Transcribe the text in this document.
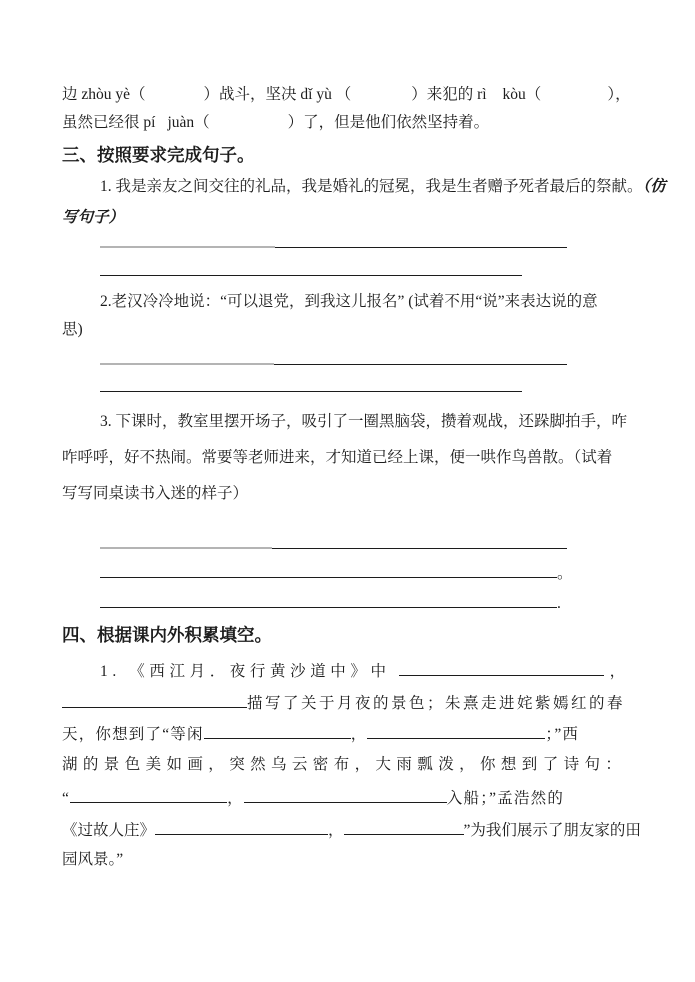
边 zhòu yè（	）战斗，坚决 dǐ yù （	）来犯的 rì kòu（	），
虽然已经很 pí juàn（	）了，但是他们依然坚持着。
三、按照要求完成句子。
1. 我是亲友之间交往的礼品，我是婚礼的冠冕，我是生者赠予死者最后的祭献。（仿
写句子）
2.老汉冷冷地说：“可以退党，到我这儿报名” (试着不用“说”来表达说的意
思)
3. 下课时，教室里摆开场子，吸引了一圈黑脑袋，攒着观战，还跺脚拍手，咋
咋呼呼，好不热闹。常要等老师进来，才知道已经上课，便一哄作鸟兽散。（试着
写写同桌读书入迷的样子）
。
.
四、根据课内外积累填空。
1. 《西江月．夜行黄沙道中》中	，
描写了关于月夜的景色；朱熹走进姹紫嫣红的春
天，你想到了“等闲	，	；”西
湖的景色美如画，突然乌云密布，大雨瓢泼，你想到了诗句：
“	，	入船；”孟浩然的
《过故人庄》	，	”为我们展示了朋友家的田
园风景。”
